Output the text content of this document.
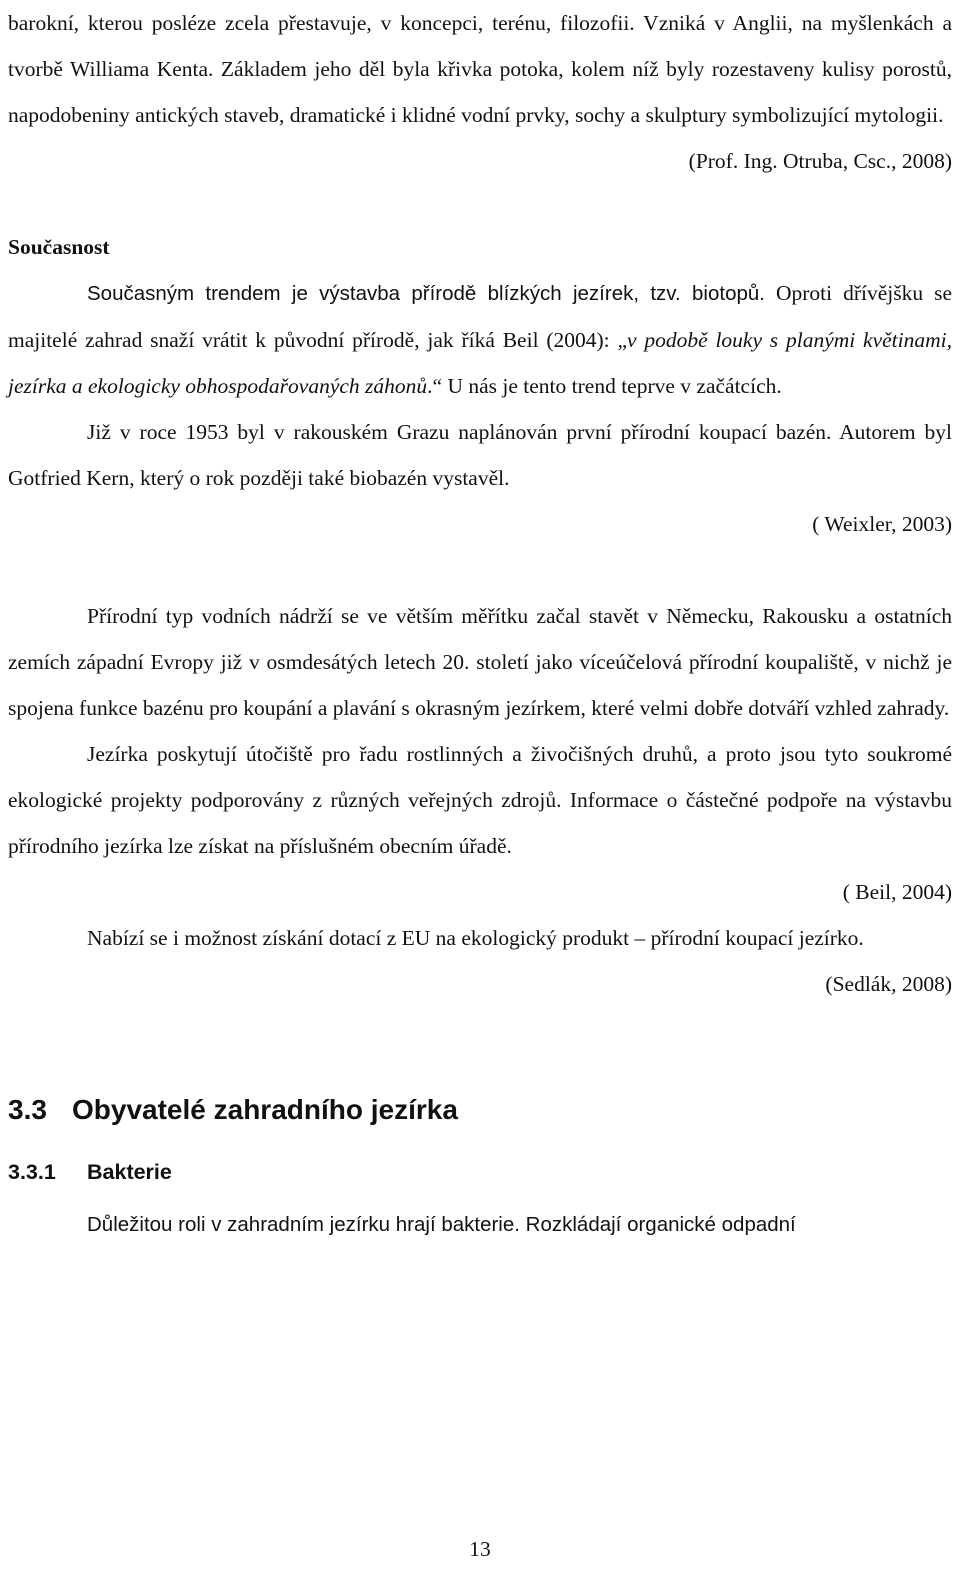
barokní, kterou posléze zcela přestavuje, v koncepci, terénu, filozofii. Vzniká v Anglii, na myšlenkách a tvorbě Williama Kenta. Základem jeho děl byla křivka potoka, kolem níž byly rozestaveny kulisy porostů, napodobeniny antických staveb, dramatické i klidné vodní prvky, sochy a skulptury symbolizující mytologii.

(Prof. Ing. Otruba, Csc., 2008)

Současnost

Současným trendem je výstavba přírodě blízkých jezírek, tzv. biotopů. Oproti dřívějšku se majitelé zahrad snaží vrátit k původní přírodě, jak říká Beil (2004): „v podobě louky s planými květinami, jezírka a ekologicky obhospodařovaných záhonů.“ U nás je tento trend teprve v začátcích.

Již v roce 1953 byl v rakouském Grazu naplánován první přírodní koupací bazén. Autorem byl Gotfried Kern, který o rok později také biobazén vystavěl.

( Weixler, 2003)

Přírodní typ vodních nádrží se ve větším měřítku začal stavět v Německu, Rakousku a ostatních zemích západní Evropy již v osmdesátých letech 20. století jako víceúčelová přírodní koupaliště, v nichž je spojena funkce bazénu pro koupání a plavání s okrasným jezírkem, které velmi dobře dotváří vzhled zahrady.

Jezírka poskytují útočiště pro řadu rostlinných a živočišných druhů, a proto jsou tyto soukromé ekologické projekty podporovány z různých veřejných zdrojů. Informace o částečné podpoře na výstavbu přírodního jezírka lze získat na příslušném obecním úřadě.

( Beil, 2004)

Nabízí se i možnost získání dotací z EU na ekologický produkt – přírodní koupací jezírko.

(Sedlák, 2008)

3.3 Obyvatelé zahradního jezírka
3.3.1 Bakterie

Důležitou roli v zahradním jezírku hrají bakterie. Rozkládají organické odpadní

13
